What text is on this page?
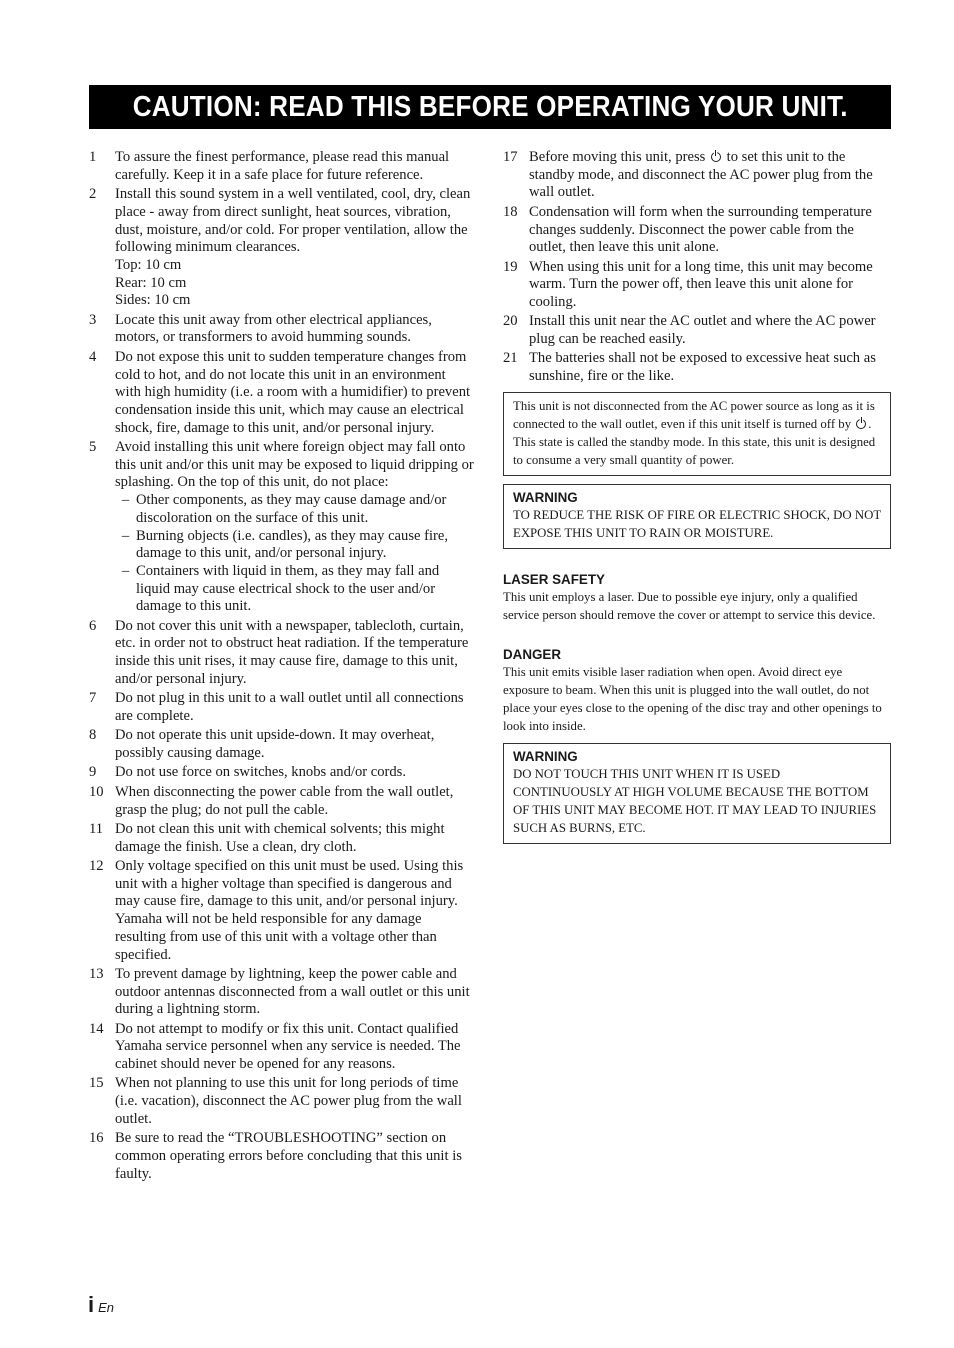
CAUTION: READ THIS BEFORE OPERATING YOUR UNIT.
1	To assure the finest performance, please read this manual carefully. Keep it in a safe place for future reference.
2	Install this sound system in a well ventilated, cool, dry, clean place - away from direct sunlight, heat sources, vibration, dust, moisture, and/or cold. For proper ventilation, allow the following minimum clearances.
Top: 10 cm
Rear: 10 cm
Sides: 10 cm
3	Locate this unit away from other electrical appliances, motors, or transformers to avoid humming sounds.
4	Do not expose this unit to sudden temperature changes from cold to hot, and do not locate this unit in an environment with high humidity (i.e. a room with a humidifier) to prevent condensation inside this unit, which may cause an electrical shock, fire, damage to this unit, and/or personal injury.
5	Avoid installing this unit where foreign object may fall onto this unit and/or this unit may be exposed to liquid dripping or splashing. On the top of this unit, do not place:
– Other components, as they may cause damage and/or discoloration on the surface of this unit.
– Burning objects (i.e. candles), as they may cause fire, damage to this unit, and/or personal injury.
– Containers with liquid in them, as they may fall and liquid may cause electrical shock to the user and/or damage to this unit.
6	Do not cover this unit with a newspaper, tablecloth, curtain, etc. in order not to obstruct heat radiation. If the temperature inside this unit rises, it may cause fire, damage to this unit, and/or personal injury.
7	Do not plug in this unit to a wall outlet until all connections are complete.
8	Do not operate this unit upside-down. It may overheat, possibly causing damage.
9	Do not use force on switches, knobs and/or cords.
10 When disconnecting the power cable from the wall outlet, grasp the plug; do not pull the cable.
11 Do not clean this unit with chemical solvents; this might damage the finish. Use a clean, dry cloth.
12 Only voltage specified on this unit must be used. Using this unit with a higher voltage than specified is dangerous and may cause fire, damage to this unit, and/or personal injury. Yamaha will not be held responsible for any damage resulting from use of this unit with a voltage other than specified.
13 To prevent damage by lightning, keep the power cable and outdoor antennas disconnected from a wall outlet or this unit during a lightning storm.
14 Do not attempt to modify or fix this unit. Contact qualified Yamaha service personnel when any service is needed. The cabinet should never be opened for any reasons.
15 When not planning to use this unit for long periods of time (i.e. vacation), disconnect the AC power plug from the wall outlet.
16 Be sure to read the “TROUBLESHOOTING” section on common operating errors before concluding that this unit is faulty.
17 Before moving this unit, press to set this unit to the standby mode, and disconnect the AC power plug from the wall outlet.
18 Condensation will form when the surrounding temperature changes suddenly. Disconnect the power cable from the outlet, then leave this unit alone.
19 When using this unit for a long time, this unit may become warm. Turn the power off, then leave this unit alone for cooling.
20 Install this unit near the AC outlet and where the AC power plug can be reached easily.
21 The batteries shall not be exposed to excessive heat such as sunshine, fire or the like.
This unit is not disconnected from the AC power source as long as it is connected to the wall outlet, even if this unit itself is turned off by . This state is called the standby mode. In this state, this unit is designed to consume a very small quantity of power.
WARNING
TO REDUCE THE RISK OF FIRE OR ELECTRIC SHOCK, DO NOT EXPOSE THIS UNIT TO RAIN OR MOISTURE.
LASER SAFETY
This unit employs a laser. Due to possible eye injury, only a qualified service person should remove the cover or attempt to service this device.
DANGER
This unit emits visible laser radiation when open. Avoid direct eye exposure to beam. When this unit is plugged into the wall outlet, do not place your eyes close to the opening of the disc tray and other openings to look into inside.
WARNING
DO NOT TOUCH THIS UNIT WHEN IT IS USED CONTINUOUSLY AT HIGH VOLUME BECAUSE THE BOTTOM OF THIS UNIT MAY BECOME HOT. IT MAY LEAD TO INJURIES SUCH AS BURNS, ETC.
i En
